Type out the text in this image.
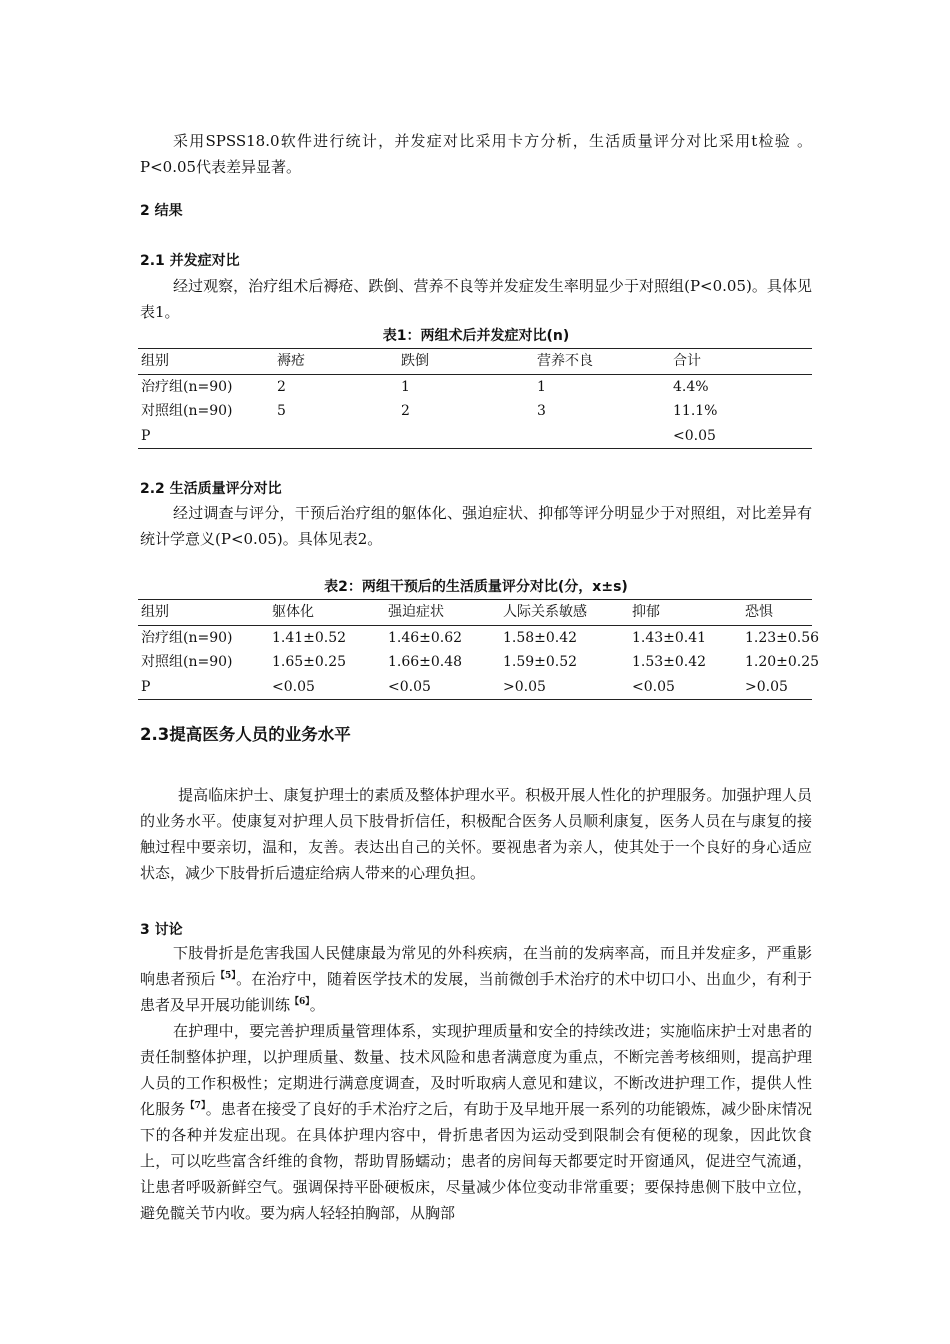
采用SPSS18.0软件进行统计，并发症对比采用卡方分析，生活质量评分对比采用t检验 。P<0.05代表差异显著。

2 结果
2.1 并发症对比

经过观察，治疗组术后褥疮、跌倒、营养不良等并发症发生率明显少于对照组(P<0.05)。具体见表1。

表1：两组术后并发症对比(n)
组别	褥疮	跌倒	营养不良	合计
治疗组(n=90)	2	1	1	4.4%
对照组(n=90)	5	2	3	11.1%
P				<0.05
2.2 生活质量评分对比

经过调查与评分，干预后治疗组的躯体化、强迫症状、抑郁等评分明显少于对照组，对比差异有统计学意义(P<0.05)。具体见表2。

表2：两组干预后的生活质量评分对比(分，x±s)
组别	躯体化	强迫症状	人际关系敏感	抑郁	恐惧
治疗组(n=90)	1.41±0.52	1.46±0.62	1.58±0.42	1.43±0.41	1.23±0.56
对照组(n=90)	1.65±0.25	1.66±0.48	1.59±0.52	1.53±0.42	1.20±0.25
P	<0.05	<0.05	>0.05	<0.05	>0.05
2.3提高医务人员的业务水平

提高临床护士、康复护理士的素质及整体护理水平。积极开展人性化的护理服务。加强护理人员的业务水平。使康复对护理人员下肢骨折信任，积极配合医务人员顺利康复，医务人员在与康复的接触过程中要亲切，温和，友善。表达出自己的关怀。要视患者为亲人，使其处于一个良好的身心适应状态，减少下肢骨折后遗症给病人带来的心理负担。

3 讨论

下肢骨折是危害我国人民健康最为常见的外科疾病，在当前的发病率高，而且并发症多，严重影响患者预后$^{【5】}$。在治疗中，随着医学技术的发展，当前微创手术治疗的术中切口小、出血少，有利于患者及早开展功能训练$^{【6】}$。

在护理中，要完善护理质量管理体系，实现护理质量和安全的持续改进；实施临床护士对患者的责任制整体护理，以护理质量、数量、技术风险和患者满意度为重点，不断完善考核细则，提高护理人员的工作积极性；定期进行满意度调查，及时听取病人意见和建议，不断改进护理工作，提供人性化服务$^{【7】}$。患者在接受了良好的手术治疗之后，有助于及早地开展一系列的功能锻炼，减少卧床情况下的各种并发症出现。在具体护理内容中，骨折患者因为运动受到限制会有便秘的现象，因此饮食上，可以吃些富含纤维的食物，帮助胃肠蠕动；患者的房间每天都要定时开窗通风，促进空气流通，让患者呼吸新鲜空气。强调保持平卧硬板床，尽量减少体位变动非常重要；要保持患侧下肢中立位，避免髋关节内收。要为病人轻轻拍胸部，从胸部
